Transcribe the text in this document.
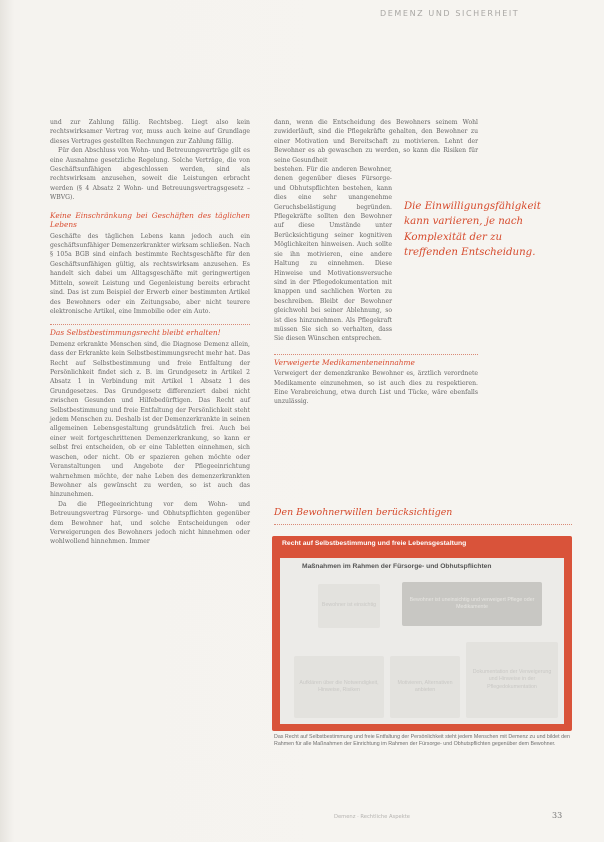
DEMENZ UND SICHERHEIT

und zur Zahlung fällig. Rechtsbeg. Liegt also kein rechtswirksamer Vertrag vor, muss auch keine auf Grundlage dieses Vertrages gestellten Rechnungen zur Zahlung fällig.

Für den Abschluss von Wohn- und Betreuungsverträge gilt es eine Ausnahme gesetzliche Regelung. Solche Verträge, die von Geschäftsunfähigen abgeschlossen werden, sind als rechtswirksam anzusehen, soweit die Leistungen erbracht werden (§ 4 Absatz 2 Wohn- und Betreuungsvertragsgesetz – WBVG).

Keine Einschränkung bei Geschäften des täglichen Lebens

Geschäfte des täglichen Lebens kann jedoch auch ein geschäftsunfähiger Demenzerkrankter wirksam schließen. Nach § 105a BGB sind einfach bestimmte Rechtsgeschäfte für den Geschäftsunfähigen gültig, als rechtswirksam anzusehen. Es handelt sich dabei um Alltagsgeschäfte mit geringwertigen Mitteln, soweit Leistung und Gegenleistung bereits erbracht sind. Das ist zum Beispiel der Erwerb einer bestimmten Artikel des Bewohners oder ein Zeitungsabo, aber nicht teurere elektronische Artikel, eine Immobilie oder ein Auto.

Das Selbstbestimmungsrecht bleibt erhalten!

Demenz erkrankte Menschen sind, die Diagnose Demenz allein, dass der Erkrankte kein Selbstbestimmungsrecht mehr hat. Das Recht auf Selbstbestimmung und freie Entfaltung der Persönlichkeit findet sich z. B. im Grundgesetz in Artikel 2 Absatz 1 in Verbindung mit Artikel 1 Absatz 1 des Grundgesetzes. Das Grundgesetz differenziert dabei nicht zwischen Gesunden und Hilfebedürftigen. Das Recht auf Selbstbestimmung und freie Entfaltung der Persönlichkeit steht jedem Menschen zu. Deshalb ist der Demenzerkrankte in seinen allgemeinen Lebensgestaltung grundsätzlich frei. Auch bei einer weit fortgeschrittenen Demenzerkrankung, so kann er selbst frei entscheiden, ob er eine Tabletten einnehmen, sich waschen, oder nicht. Ob er spazieren gehen möchte oder Veranstaltungen und Angebote der Pflegeeinrichtung wahrnehmen möchte, der nahe Leben des demenzerkrankten Bewohner als gewünscht zu werden, so ist auch das hinzunehmen.

Da die Pflegeeinrichtung vor dem Wohn- und Betreuungsvertrag Fürsorge- und Obhutspflichten gegenüber dem Bewohner hat, und solche Entscheidungen oder Verweigerungen des Bewohners jedoch nicht hinnehmen oder wohlwollend hinnehmen. Immer

dann, wenn die Entscheidung des Bewohners seinem Wohl zuwiderläuft, sind die Pflegekräfte gehalten, den Bewohner zu einer Motivation und Bereitschaft zu motivieren. Lehnt der Bewohner es ab gewaschen zu werden, so kann die Risiken für seine Gesundheit

bestehen. Für die anderen Bewohner, denen gegenüber dieses Fürsorge- und Obhutspflichten bestehen, kann dies eine sehr unangenehme Geruchsbelästigung begründen. Pflegekräfte sollten den Bewohner auf diese Umstände unter Berücksichtigung seiner kognitiven Möglichkeiten hinweisen. Auch sollte sie ihn motivieren, eine andere Haltung zu einnehmen. Diese Hinweise und Motivationsversuche sind in der Pflegedokumentation mit knappen und sachlichen Worten zu beschreiben. Bleibt der Bewohner gleichwohl bei seiner Ablehnung, so ist dies hinzunehmen. Als Pflegekraft müssen Sie sich so verhalten, dass Sie diesen Wünschen entsprechen.

Verweigerte Medikamenteneinnahme

Verweigert der demenzkranke Bewohner es, ärztlich verordnete Medikamente einzunehmen, so ist auch dies zu respektieren. Eine Verabreichung, etwa durch List und Tücke, wäre ebenfalls unzulässig.

Die Einwilligungsfähigkeit kann variieren, je nach Komplexität der zu treffenden Entscheidung.
Den Bewohnerwillen berücksichtigen
Recht auf Selbstbestimmung und freie Lebensgestaltung
Maßnahmen im Rahmen der Fürsorge- und Obhutspflichten
Bewohner ist einsichtig
Bewohner ist uneinsichtig und verweigert Pflege oder Medikamente
Aufklären über die Notwendigkeit, Hinweise, Risiken
Motivieren, Alternativen anbieten
Dokumentation der Verweigerung und Hinweise in der Pflegedokumentation
Das Recht auf Selbstbestimmung und freie Entfaltung der Persönlichkeit steht jedem Menschen mit Demenz zu und bildet den Rahmen für alle Maßnahmen der Einrichtung im Rahmen der Fürsorge- und Obhutspflichten gegenüber dem Bewohner.
Demenz · Rechtliche Aspekte	33
